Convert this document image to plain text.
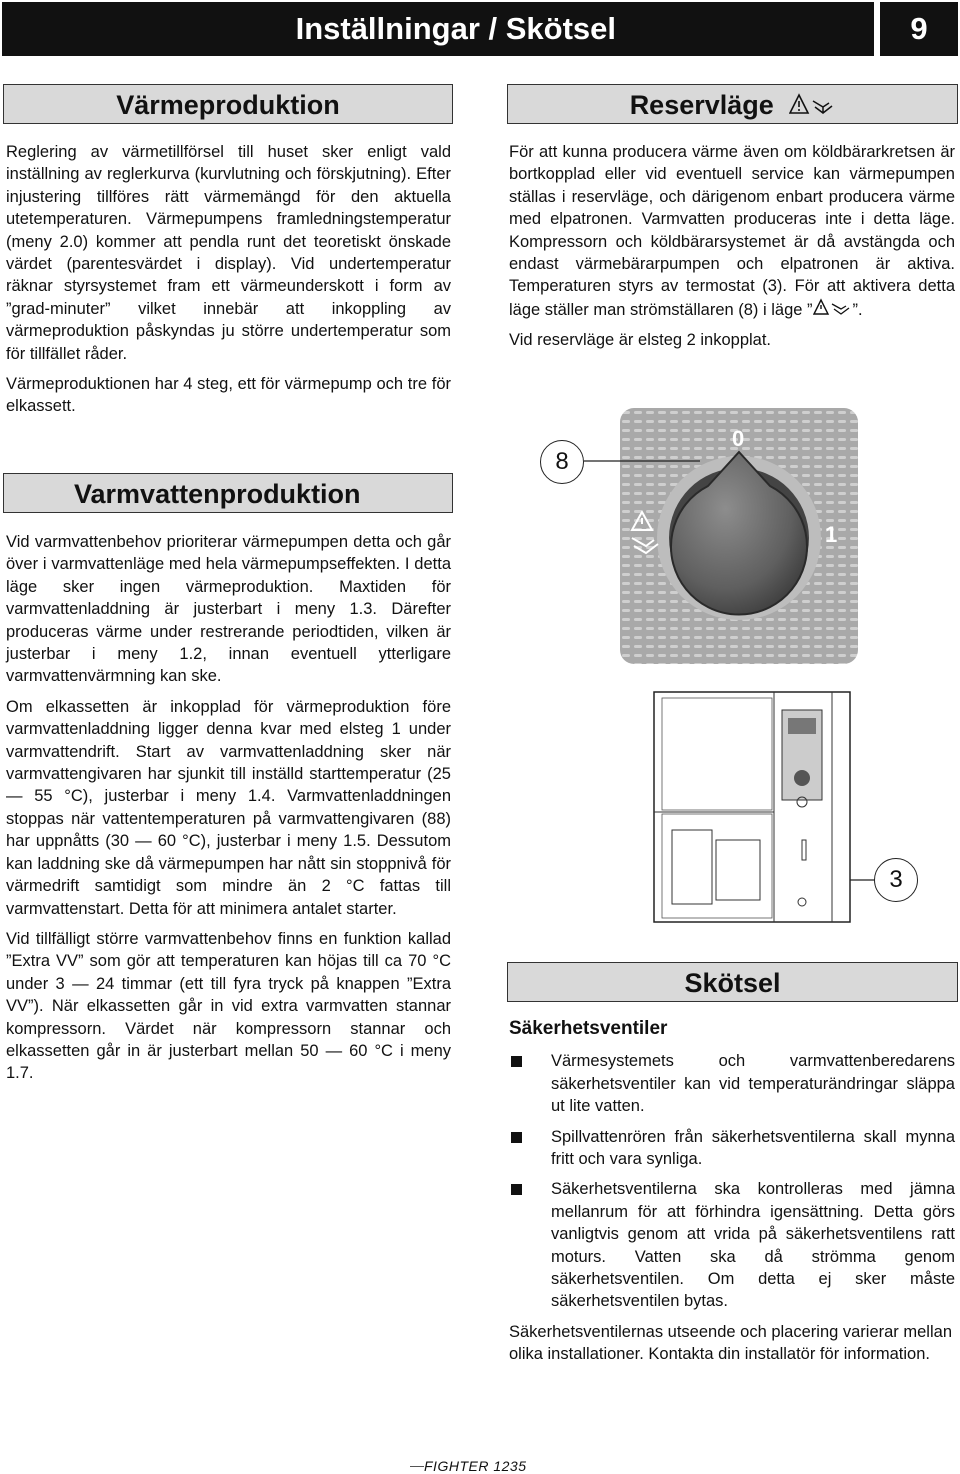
Inställningar / Skötsel	9
Värmeproduktion

Reglering av värmetillförsel till huset sker enligt vald inställning av reglerkurva (kurvlutning och förskjutning). Efter injustering tillföres rätt värmemängd för den aktuella utetemperaturen. Värmepumpens framledningstemperatur (meny 2.0) kommer att pendla runt det teoretiskt önskade värdet (parentesvärdet i display). Vid undertemperatur räknar styrsystemet fram ett värmeunderskott i form av ”grad-minuter” vilket innebär att inkoppling av värmeproduktion påskyndas ju större undertemperatur som för tillfället råder.

Värmeproduktionen har 4 steg, ett för värmepump och tre för elkassett.

Varmvattenproduktion

Vid varmvattenbehov prioriterar värmepumpen detta och går över i varmvattenläge med hela värmepumpseffekten. I detta läge sker ingen värmeproduktion. Maxtiden för varmvattenladdning är justerbart i meny 1.3. Därefter produceras värme under restrerande periodtiden, vilken är justerbar i meny 1.2, innan eventuell ytterligare varmvattenvärmning kan ske.

Om elkassetten är inkopplad för värmeproduktion före varmvattenladdning ligger denna kvar med elsteg 1 under varmvattendrift. Start av varmvattenladdning sker när varmvattengivaren har sjunkit till inställd starttemperatur (25 — 55 °C), justerbar i meny 1.4. Varmvattenladdningen stoppas när vattentemperaturen på varmvattengivaren (88) har uppnåtts (30 — 60 °C), justerbar i meny 1.5. Dessutom kan laddning ske då värmepumpen har nått sin stoppnivå för värmedrift samtidigt som mindre än 2 °C fattas till varmvattenstart. Detta för att minimera antalet starter.

Vid tillfälligt större varmvattenbehov finns en funktion kallad ”Extra VV” som gör att temperaturen kan höjas till ca 70 °C under 3 — 24 timmar (ett till fyra tryck på knappen ”Extra VV”). När elkassetten går in vid extra varmvatten stannar kompressorn. Värdet när kompressorn stannar och elkassetten går in är justerbart mellan 50 — 60 °C i meny 1.7.

Reservläge

För att kunna producera värme även om köldbärarkretsen är bortkopplad eller vid eventuell service kan värmepumpen ställas i reservläge, och därigenom enbart producera värme med elpatronen. Varmvatten produceras inte i detta läge. Kompressorn och köldbärarsystemet är då avstängda och endast värmebärarpumpen och elpatronen är aktiva. Temperaturen styrs av termostat (3). För att aktivera detta läge ställer man strömställaren (8) i läge ” ”.

Vid reservläge är elsteg 2 inkopplat.

0
1
8
3
Skötsel
Säkerhetsventiler
Värmesystemets och varmvattenberedarens säkerhetsventiler kan vid temperaturändringar släppa ut lite vatten.
Spillvattenrören från säkerhetsventilerna skall mynna fritt och vara synliga.
Säkerhetsventilerna ska kontrolleras med jämna mellanrum för att förhindra igensättning. Detta görs vanligtvis genom att vrida på säkerhetsventilens ratt moturs. Vatten ska då strömma genom säkerhetsventilen. Om detta ej sker måste säkerhetsventilen bytas.

Säkerhetsventilernas utseende och placering varierar mellan olika installationer. Kontakta din installatör för information.

FIGHTER 1235
